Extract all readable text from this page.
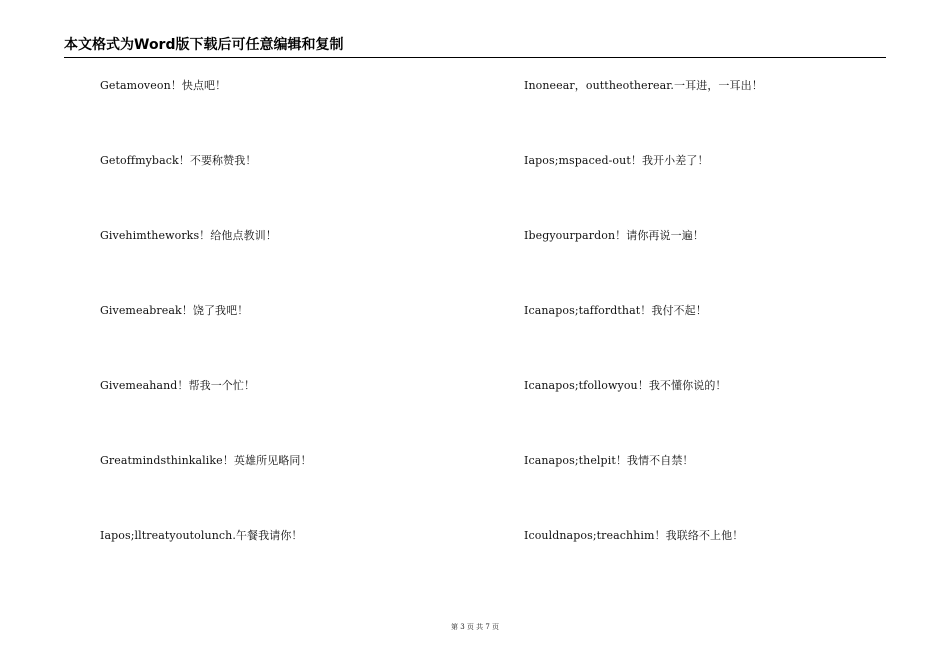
本文格式为Word版下载后可任意编辑和复制
Getamoveon！快点吧！
Getoffmyback！不要称赞我！
Givehimtheworks！给他点教训！
Givemeabreak！饶了我吧！
Givemeahand！帮我一个忙！
Greatmindsthinkalike！英雄所见略同！
Iapos;lltreatyoutolunch.午餐我请你！
Inoneear，outtheotherear.一耳进，一耳出！
Iapos;mspaced-out！我开小差了！
Ibegyourpardon！请你再说一遍！
Icanapos;taffordthat！我付不起！
Icanapos;tfollowyou！我不懂你说的！
Icanapos;thelpit！我情不自禁！
Icouldnapos;treachhim！我联络不上他！
第 3 页 共 7 页
